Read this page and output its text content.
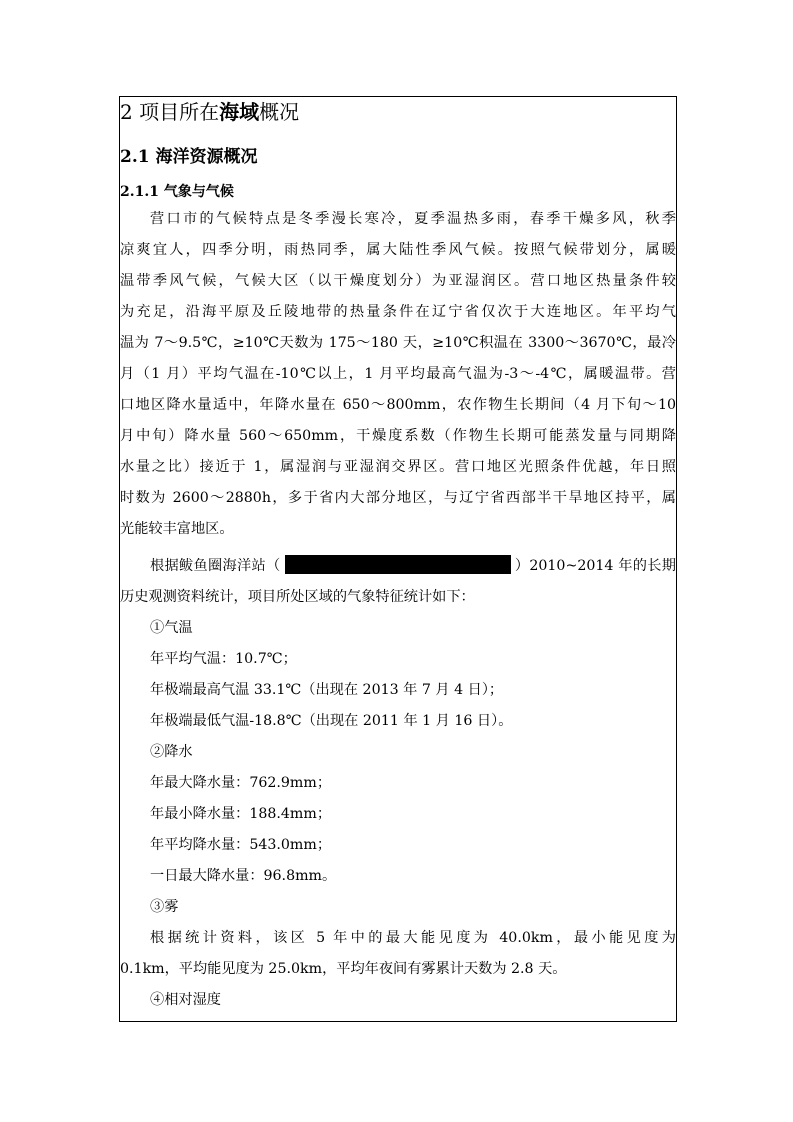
2 项目所在海域概况
2.1 海洋资源概况
2.1.1 气象与气候
营口市的气候特点是冬季漫长寒冷，夏季温热多雨，春季干燥多风，秋季
凉爽宜人，四季分明，雨热同季，属大陆性季风气候。按照气候带划分，属暖
温带季风气候，气候大区（以干燥度划分）为亚湿润区。营口地区热量条件较
为充足，沿海平原及丘陵地带的热量条件在辽宁省仅次于大连地区。年平均气
温为 7～9.5℃，≥10℃天数为 175～180 天，≥10℃积温在 3300～3670℃，最冷
月（1 月）平均气温在-10℃以上，1 月平均最高气温为-3～-4℃，属暖温带。营
口地区降水量适中，年降水量在 650～800mm，农作物生长期间（4 月下旬～10
月中旬）降水量 560～650mm，干燥度系数（作物生长期可能蒸发量与同期降
水量之比）接近于 1，属湿润与亚湿润交界区。营口地区光照条件优越，年日照
时数为 2600～2880h，多于省内大部分地区，与辽宁省西部半干旱地区持平，属
光能较丰富地区。
根据鲅鱼圈海洋站（	）2010~2014 年的长期
历史观测资料统计，项目所处区域的气象特征统计如下：

①气温

年平均气温：10.7℃；

年极端最高气温 33.1℃（出现在 2013 年 7 月 4 日）；

年极端最低气温-18.8℃（出现在 2011 年 1 月 16 日）。

②降水

年最大降水量：762.9mm；

年最小降水量：188.4mm；

年平均降水量：543.0mm；

一日最大降水量：96.8mm。

③雾

根据统计资料，该区 5 年中的最大能见度为 40.0km，最小能见度为
0.1km，平均能见度为 25.0km，平均年夜间有雾累计天数为 2.8 天。

④相对湿度
